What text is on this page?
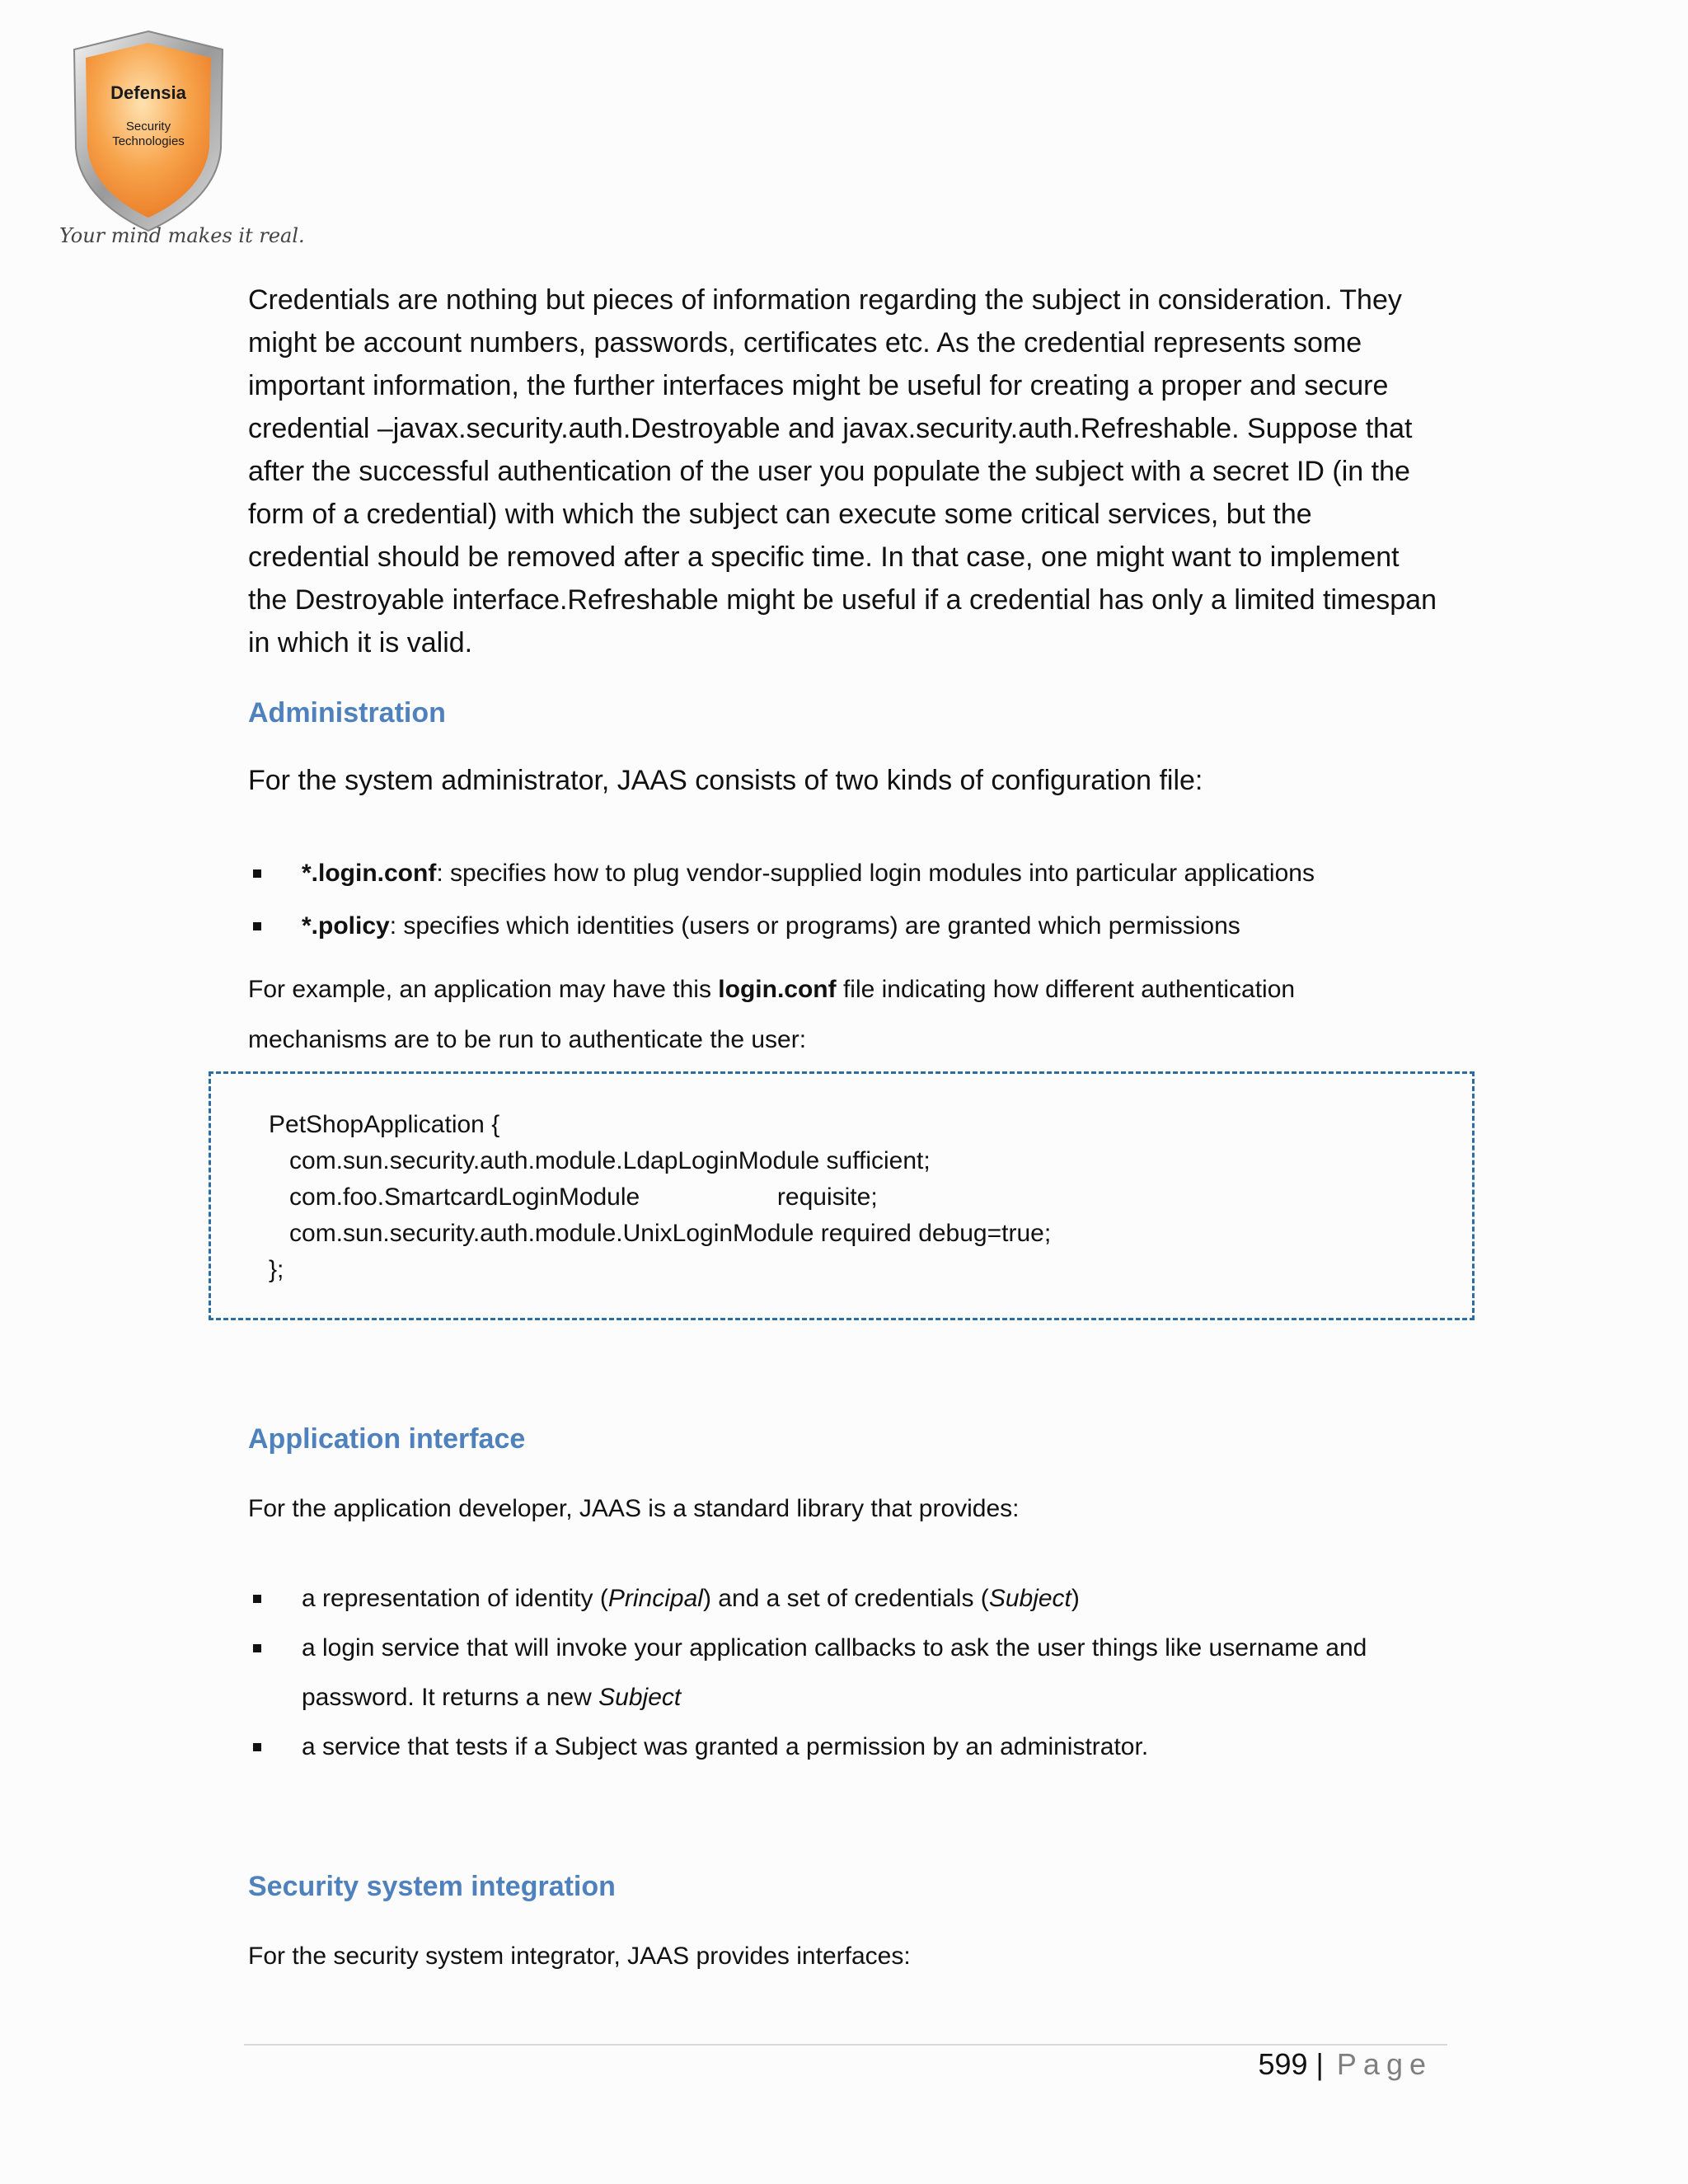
Defensia
Security
Technologies
Your mind makes it real.

Credentials are nothing but pieces of information regarding the subject in consideration. They

might be account numbers, passwords, certificates etc. As the credential represents some

important information, the further interfaces might be useful for creating a proper and secure

credential –javax.security.auth.Destroyable and javax.security.auth.Refreshable. Suppose that

after the successful authentication of the user you populate the subject with a secret ID (in the

form of a credential) with which the subject can execute some critical services, but the

credential should be removed after a specific time. In that case, one might want to implement

the Destroyable interface.Refreshable might be useful if a credential has only a limited timespan

in which it is valid.

Administration

For the system administrator, JAAS consists of two kinds of configuration file:

*.login.conf: specifies how to plug vendor-supplied login modules into particular applications
*.policy: specifies which identities (users or programs) are granted which permissions
For example, an application may have this login.conf file indicating how different authentication
mechanisms are to be run to authenticate the user:
PetShopApplication {
com.sun.security.auth.module.LdapLoginModule sufficient;
com.foo.SmartcardLoginModule                    requisite;
com.sun.security.auth.module.UnixLoginModule required debug=true;
};
Application interface

For the application developer, JAAS is a standard library that provides:

a representation of identity (Principal) and a set of credentials (Subject)
a login service that will invoke your application callbacks to ask the user things like username and
password. It returns a new Subject
a service that tests if a Subject was granted a permission by an administrator.
Security system integration

For the security system integrator, JAAS provides interfaces:

599 | Page
